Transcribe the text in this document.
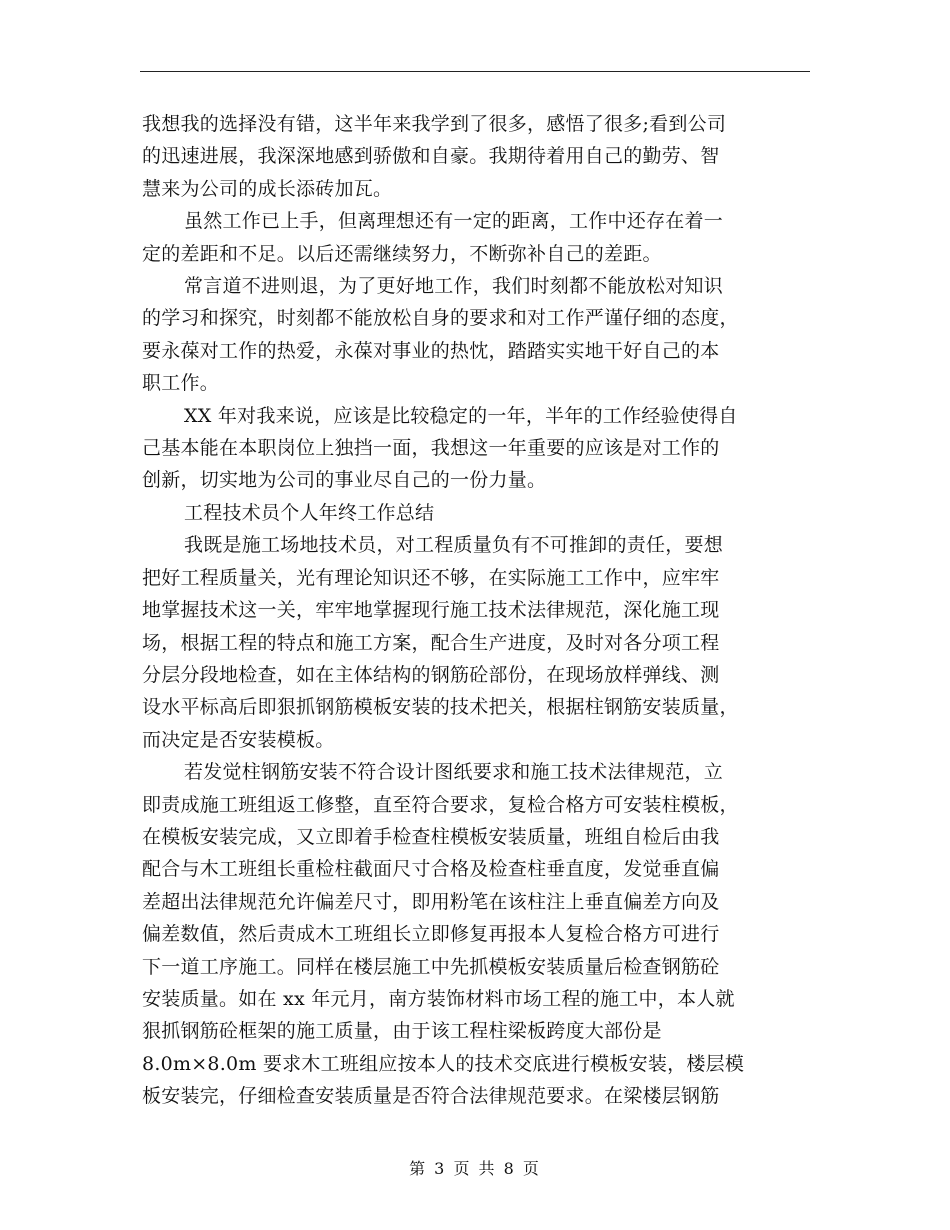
我想我的选择没有错，这半年来我学到了很多，感悟了很多;看到公司
的迅速进展，我深深地感到骄傲和自豪。我期待着用自己的勤劳、智
慧来为公司的成长添砖加瓦。
虽然工作已上手，但离理想还有一定的距离，工作中还存在着一
定的差距和不足。以后还需继续努力，不断弥补自己的差距。
常言道不进则退，为了更好地工作，我们时刻都不能放松对知识
的学习和探究，时刻都不能放松自身的要求和对工作严谨仔细的态度，
要永葆对工作的热爱，永葆对事业的热忱，踏踏实实地干好自己的本
职工作。
XX 年对我来说，应该是比较稳定的一年，半年的工作经验使得自
己基本能在本职岗位上独挡一面，我想这一年重要的应该是对工作的
创新，切实地为公司的事业尽自己的一份力量。
工程技术员个人年终工作总结
我既是施工场地技术员，对工程质量负有不可推卸的责任，要想
把好工程质量关，光有理论知识还不够，在实际施工工作中，应牢牢
地掌握技术这一关，牢牢地掌握现行施工技术法律规范，深化施工现
场，根据工程的特点和施工方案，配合生产进度，及时对各分项工程
分层分段地检查，如在主体结构的钢筋砼部份，在现场放样弹线、测
设水平标高后即狠抓钢筋模板安装的技术把关，根据柱钢筋安装质量，
而决定是否安装模板。
若发觉柱钢筋安装不符合设计图纸要求和施工技术法律规范，立
即责成施工班组返工修整，直至符合要求，复检合格方可安装柱模板，
在模板安装完成，又立即着手检查柱模板安装质量，班组自检后由我
配合与木工班组长重检柱截面尺寸合格及检查柱垂直度，发觉垂直偏
差超出法律规范允许偏差尺寸，即用粉笔在该柱注上垂直偏差方向及
偏差数值，然后责成木工班组长立即修复再报本人复检合格方可进行
下一道工序施工。同样在楼层施工中先抓模板安装质量后检查钢筋砼
安装质量。如在 xx 年元月，南方装饰材料市场工程的施工中，本人就
狠抓钢筋砼框架的施工质量，由于该工程柱梁板跨度大部份是
8.0m×8.0m 要求木工班组应按本人的技术交底进行模板安装，楼层模
板安装完，仔细检查安装质量是否符合法律规范要求。在梁楼层钢筋
第 3 页 共 8 页
